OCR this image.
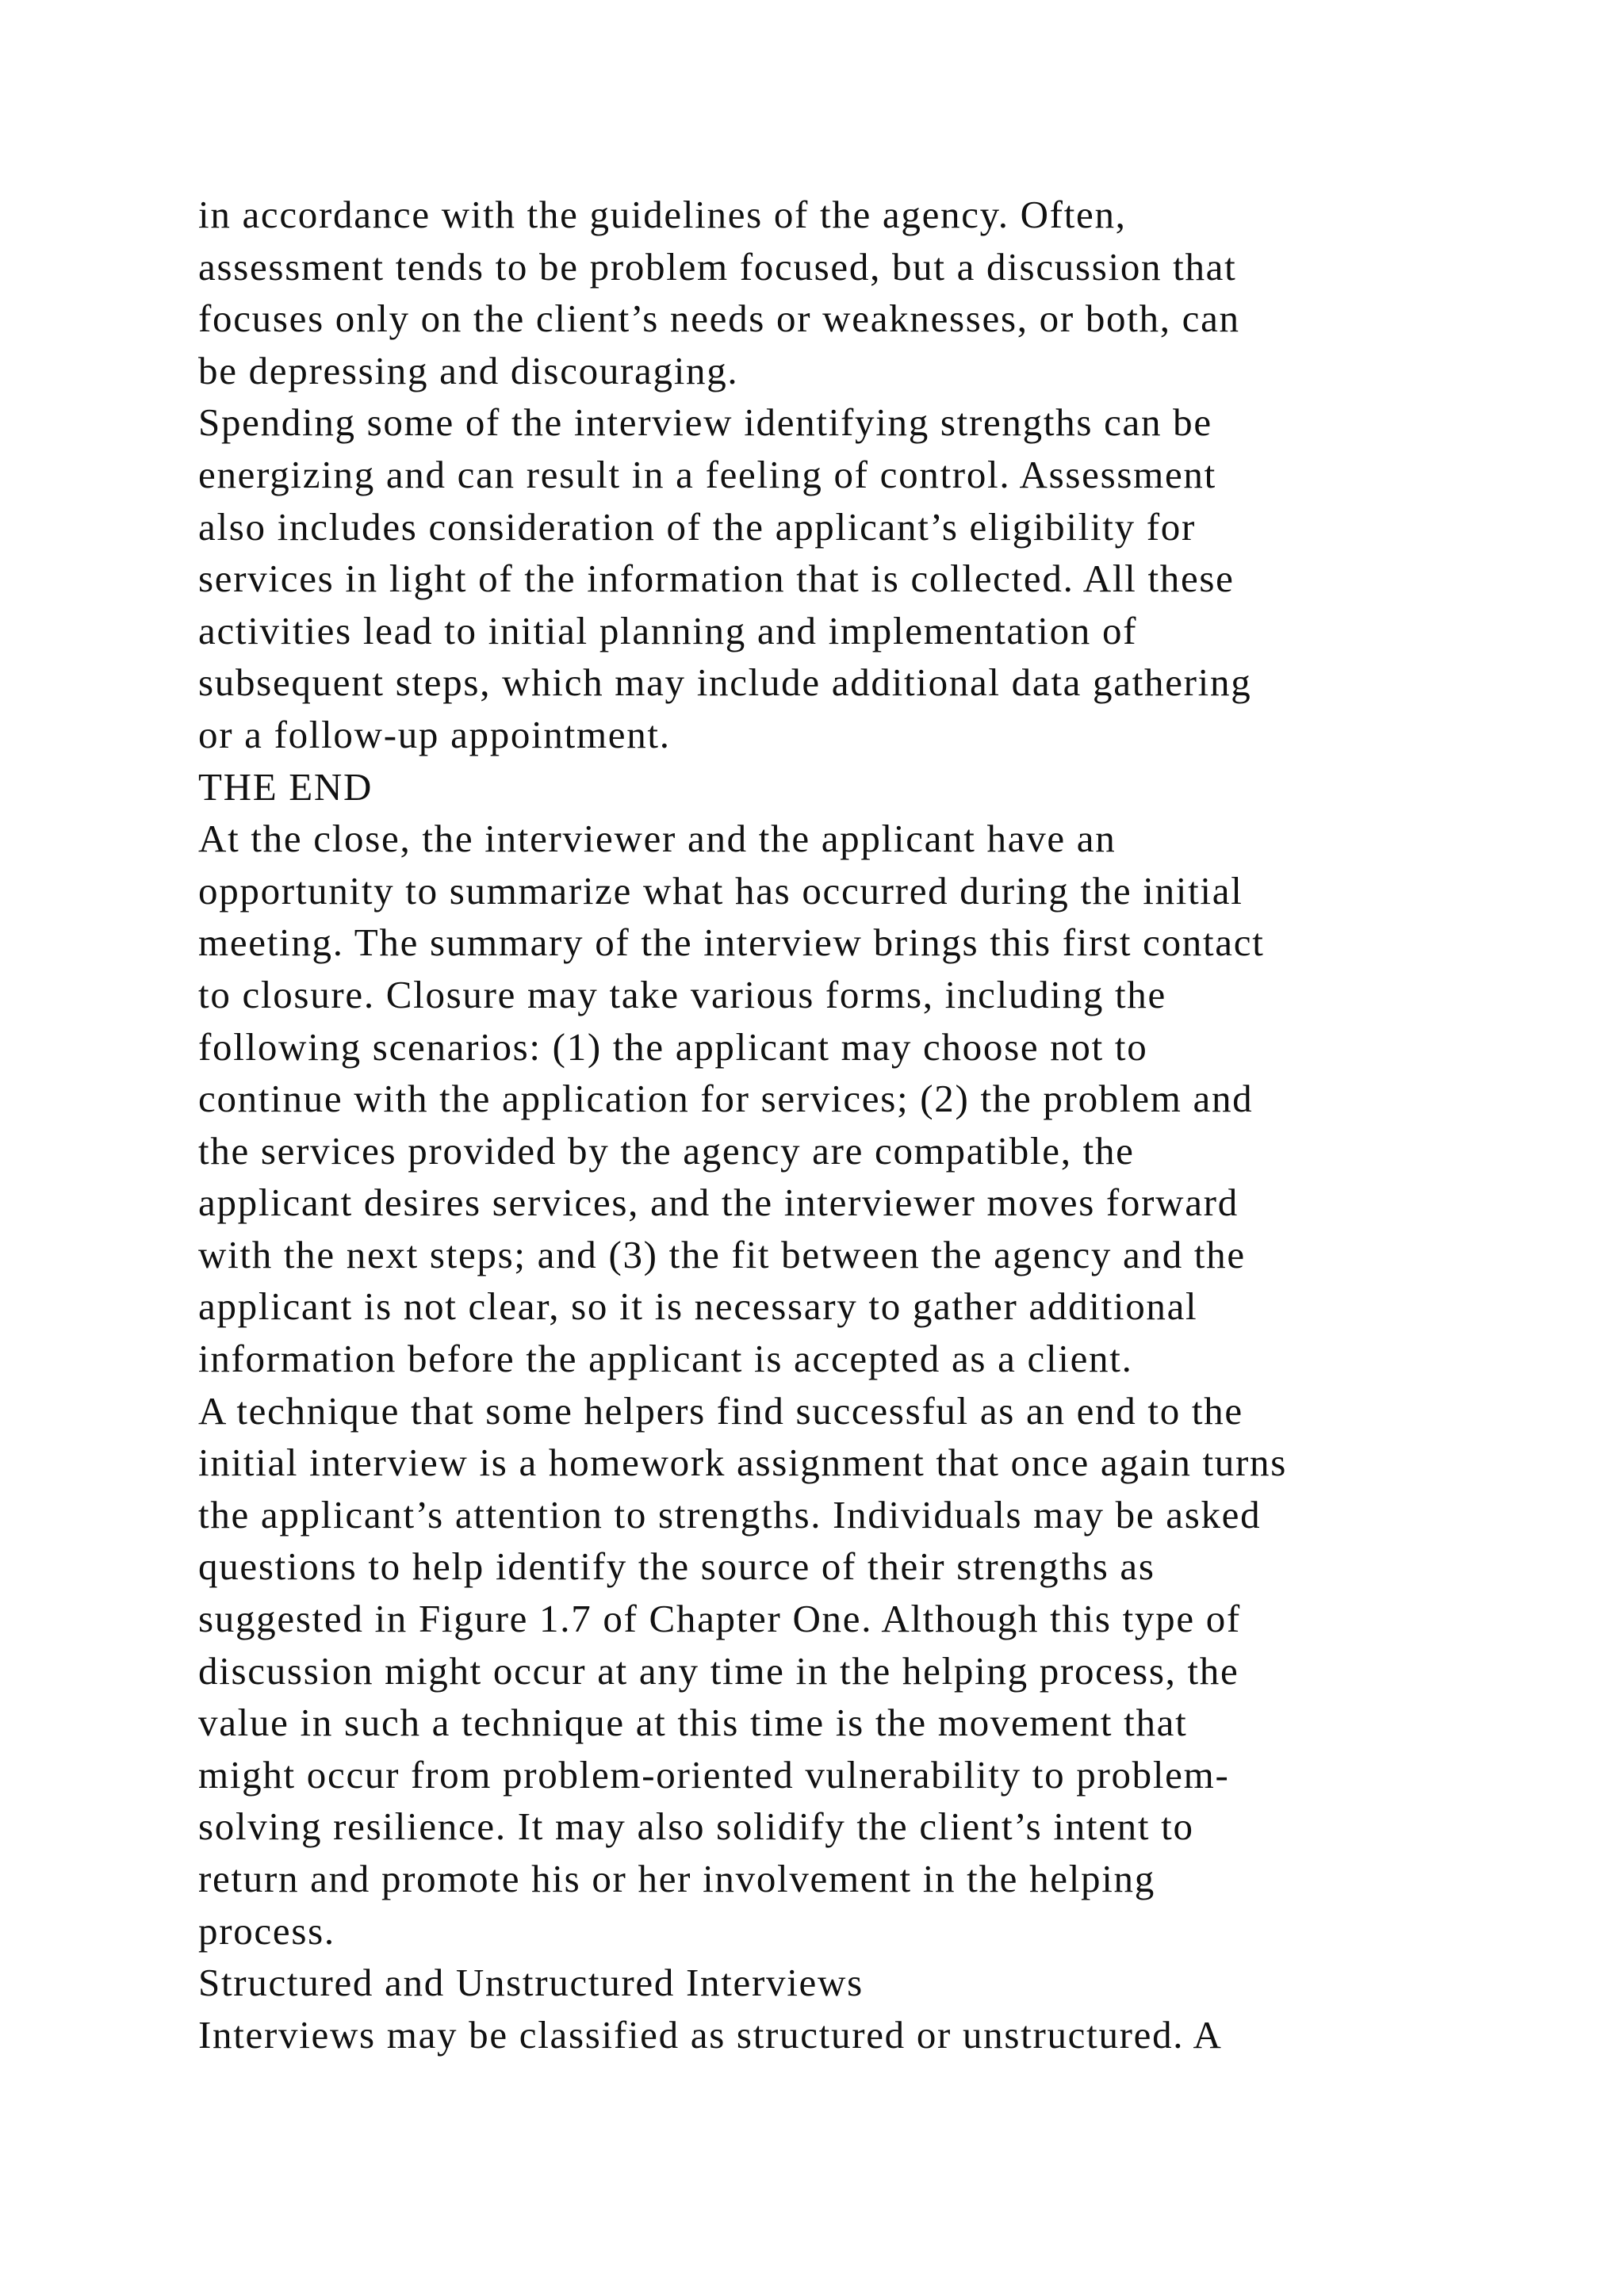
in accordance with the guidelines of the agency. Often,

assessment tends to be problem focused, but a discussion that

focuses only on the client’s needs or weaknesses, or both, can

be depressing and discouraging.

Spending some of the interview identifying strengths can be

energizing and can result in a feeling of control. Assessment

also includes consideration of the applicant’s eligibility for

services in light of the information that is collected. All these

activities lead to initial planning and implementation of

subsequent steps, which may include additional data gathering

or a follow-up appointment.

THE END

At the close, the interviewer and the applicant have an

opportunity to summarize what has occurred during the initial

meeting. The summary of the interview brings this first contact

to closure. Closure may take various forms, including the

following scenarios: (1) the applicant may choose not to

continue with the application for services; (2) the problem and

the services provided by the agency are compatible, the

applicant desires services, and the interviewer moves forward

with the next steps; and (3) the fit between the agency and the

applicant is not clear, so it is necessary to gather additional

information before the applicant is accepted as a client.

A technique that some helpers find successful as an end to the

initial interview is a homework assignment that once again turns

the applicant’s attention to strengths. Individuals may be asked

questions to help identify the source of their strengths as

suggested in Figure 1.7 of Chapter One. Although this type of

discussion might occur at any time in the helping process, the

value in such a technique at this time is the movement that

might occur from problem-oriented vulnerability to problem-

solving resilience. It may also solidify the client’s intent to

return and promote his or her involvement in the helping

process.

Structured and Unstructured Interviews

Interviews may be classified as structured or unstructured. A
